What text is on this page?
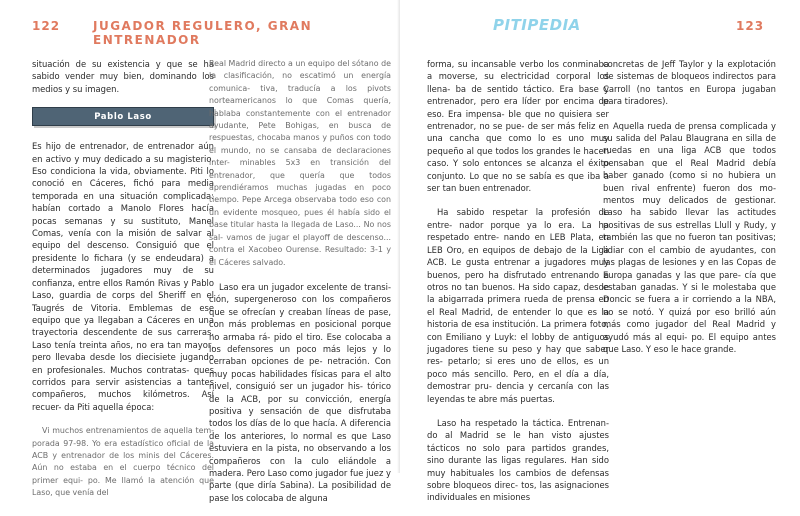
122	JUGADOR REGULERO, GRAN ENTRENADOR

situación de su existencia y que se ha sabido vender muy bien, dominando los medios y su imagen.

Pablo Laso

Es hijo de entrenador, de entrenador aún en activo y muy dedicado a su magisterio. Eso condiciona la vida, obviamente. Piti lo conoció en Cáceres, fichó para media temporada en una situación complicada: habían cortado a Manolo Flores hacía pocas semanas y su sustituto, Manel Comas, venía con la misión de salvar al equipo del descenso. Consiguió que el presidente lo fichara (y se endeudara) a determinados jugadores muy de su confianza, entre ellos Ramón Rivas y Pablo Laso, guardia de corps del Sheriff en el Taugrés de Vitoria. Emblemas de ese equipo que ya llegaban a Cáceres en una trayectoria descendente de sus carreras. Laso tenía treinta años, no era tan mayor, pero llevaba desde los diecisiete jugando en profesionales. Muchos contratas- ques corridos para servir asistencias a tantes compañeros, muchos kilómetros. Así recuer- da Piti aquella época:

Vi muchos entrenamientos de aquella tem- porada 97-98. Yo era estadístico oficial de la ACB y entrenador de los minis del Cáceres. Aún no estaba en el cuerpo técnico del primer equi- po. Me llamó la atención que Laso, que venía del

Real Madrid directo a un equipo del sótano de la clasificación, no escatimó un energía comunica- tiva, traducía a los pivots norteamericanos lo que Comas quería, hablaba constantemente con el entrenador ayudante, Pete Bohigas, en busca de respuestas, chocaba manos y puños con todo el mundo, no se cansaba de declaraciones inter- minables 5x3 en transición del entrenador, que quería que todos aprendiéramos muchas jugadas en poco tiempo. Pepe Arcega observaba todo eso con un evidente mosqueo, pues él había sido el base titular hasta la llegada de Laso... No nos sal- vamos de jugar el playoff de descenso... contra el Xacobeo Ourense. Resultado: 3-1 y el Cáceres salvado.

Laso era un jugador excelente de transi- ción, supergeneroso con los compañeros que se ofrecían y creaban líneas de pase, con más problemas en posicional porque no armaba rá- pido el tiro. Ese colocaba a los defensores un poco más lejos y lo cerraban opciones de pe- netración. Con muy pocas habilidades físicas para el alto nivel, consiguió ser un jugador his- tórico de la ACB, por su convicción, energía positiva y sensación de que disfrutaba todos los días de lo que hacía. A diferencia de los anteriores, lo normal es que Laso estuviera en la pista, no observando a los compañeros con la culo eliándole a madera. Pero Laso como jugador fue juez y parte (que diría Sabina). La posibilidad de pase los colocaba de alguna

PITIPEDIA	123

forma, su incansable verbo los conminaba a moverse, su electricidad corporal los llena- ba de sentido táctico. Era base y entrenador, pero era líder por encima de eso. Era impensa- ble que no quisiera ser entrenador, no se pue- de ser más feliz en una cancha que como lo es uno muy pequeño al que todos los grandes le hacen caso. Y solo entonces se alcanza el éxito conjunto. Lo que no se sabía es que iba a ser tan buen entrenador.

Ha sabido respetar la profesión de entre- nador porque ya lo era. La ha respetado entre- nando en LEB Plata, en LEB Oro, en equipos de debajo de la Liga ACB. Le gusta entrenar a jugadores muy buenos, pero ha disfrutado entrenando a otros no tan buenos. Ha sido capaz, desde la abigarrada primera rueda de prensa en el Real Madrid, de entender lo que es la historia de esa institución. La primera foto, con Emiliano y Luyk: el lobby de antiguos jugadores tiene su peso y hay que saber res- petarlo; si eres uno de ellos, es un poco más sencillo. Pero, en el día a día, demostrar pru- dencia y cercanía con las leyendas te abre más puertas.

Laso ha respetado la táctica. Entrenan- do al Madrid se le han visto ajustes tácticos no solo para partidos grandes, sino durante las ligas regulares. Han sido muy habituales los cambios de defensas sobre bloqueos direc- tos, las asignaciones individuales en misiones

concretas de Jeff Taylor y la explotación de sistemas de bloqueos indirectos para Carroll (no tantos en Europa jugaban para tiradores).

Aquella rueda de prensa complicada y su salida del Palau Blaugrana en silla de ruedas en una liga ACB que todos pensaban que el Real Madrid debía haber ganado (como si no hubiera un buen rival enfrente) fueron dos mo- mentos muy delicados de gestionar. Laso ha sabido llevar las actitudes positivas de sus estrellas Llull y Rudy, y también las que no fueron tan positivas; lidiar con el cambio de ayudantes, con las plagas de lesiones y en las Copas de Europa ganadas y las que pare- cía que estaban ganadas. Y si le molestaba que Doncic se fuera a ir corriendo a la NBA, no se notó. Y quizá por eso brilló aún más como jugador del Real Madrid y ayudó más al equi- po. El equipo antes que Laso. Y eso le hace grande.
